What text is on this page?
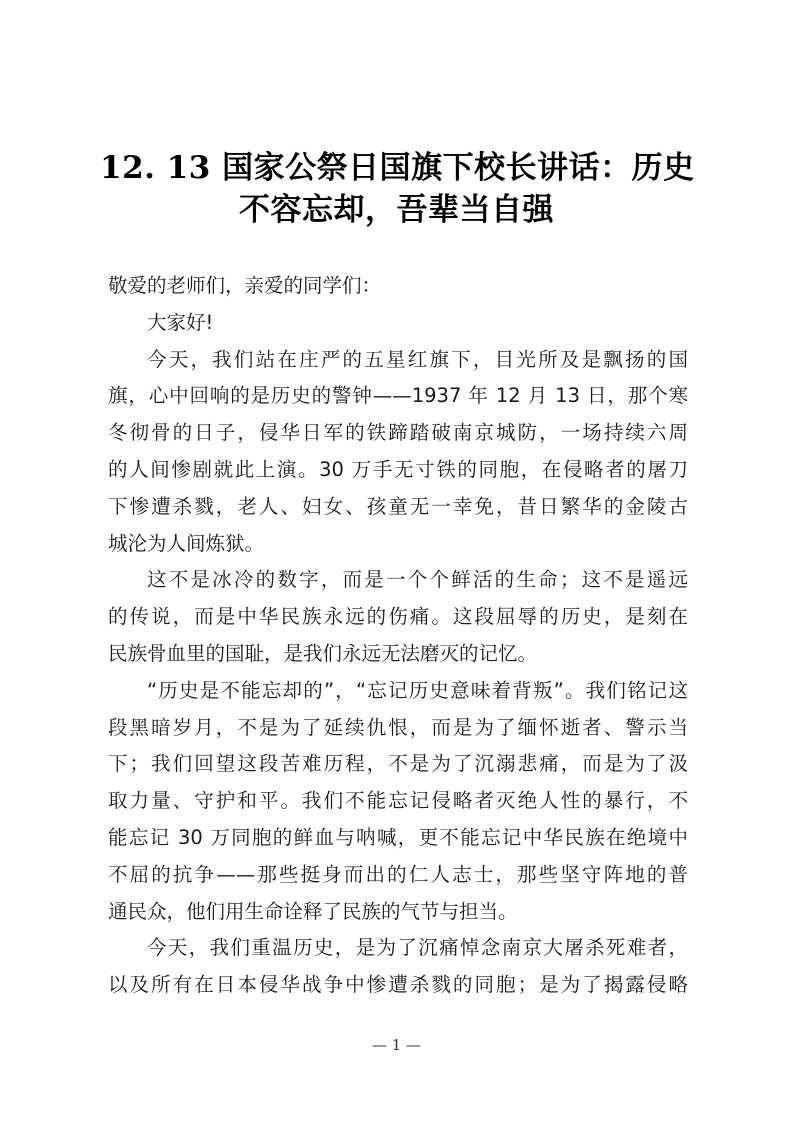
12. 13 国家公祭日国旗下校长讲话：历史
不容忘却，吾辈当自强
敬爱的老师们，亲爱的同学们：
大家好!
今天，我们站在庄严的五星红旗下，目光所及是飘扬的国
旗，心中回响的是历史的警钟——1937 年 12 月 13 日，那个寒
冬彻骨的日子，侵华日军的铁蹄踏破南京城防，一场持续六周
的人间惨剧就此上演。30 万手无寸铁的同胞，在侵略者的屠刀
下惨遭杀戮，老人、妇女、孩童无一幸免，昔日繁华的金陵古
城沦为人间炼狱。
这不是冰冷的数字，而是一个个鲜活的生命；这不是遥远
的传说，而是中华民族永远的伤痛。这段屈辱的历史，是刻在
民族骨血里的国耻，是我们永远无法磨灭的记忆。
“历史是不能忘却的”，“忘记历史意味着背叛”。我们铭记这
段黑暗岁月，不是为了延续仇恨，而是为了缅怀逝者、警示当
下；我们回望这段苦难历程，不是为了沉溺悲痛，而是为了汲
取力量、守护和平。我们不能忘记侵略者灭绝人性的暴行，不
能忘记 30 万同胞的鲜血与呐喊，更不能忘记中华民族在绝境中
不屈的抗争——那些挺身而出的仁人志士，那些坚守阵地的普
通民众，他们用生命诠释了民族的气节与担当。
今天，我们重温历史，是为了沉痛悼念南京大屠杀死难者，
以及所有在日本侵华战争中惨遭杀戮的同胞；是为了揭露侵略
— 1 —
